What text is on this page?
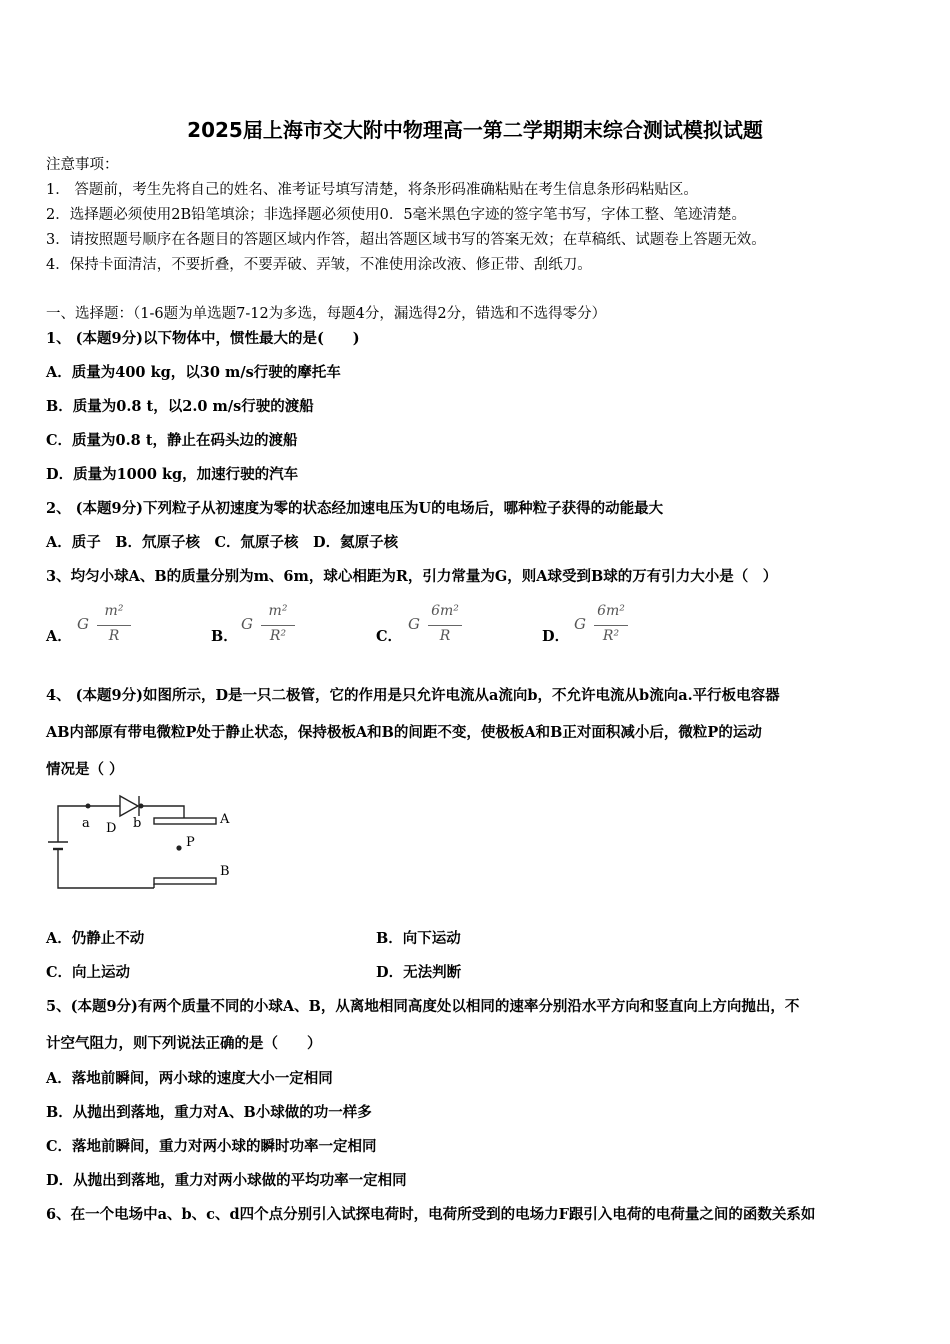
2025届上海市交大附中物理高一第二学期期末综合测试模拟试题
注意事项：
1． 答题前，考生先将自己的姓名、准考证号填写清楚，将条形码准确粘贴在考生信息条形码粘贴区。
2．选择题必须使用2B铅笔填涂；非选择题必须使用0．5毫米黑色字迹的签字笔书写，字体工整、笔迹清楚。
3．请按照题号顺序在各题目的答题区域内作答，超出答题区域书写的答案无效；在草稿纸、试题卷上答题无效。
4．保持卡面清洁，不要折叠，不要弄破、弄皱，不准使用涂改液、修正带、刮纸刀。
一、选择题：（1-6题为单选题7-12为多选，每题4分，漏选得2分，错选和不选得零分）
1、 (本题9分)以下物体中，惯性最大的是(　　)
A．质量为400 kg，以30 m/s行驶的摩托车
B．质量为0.8 t，以2.0 m/s行驶的渡船
C．质量为0.8 t，静止在码头边的渡船
D．质量为1000 kg，加速行驶的汽车
2、 (本题9分)下列粒子从初速度为零的状态经加速电压为U的电场后，哪种粒子获得的动能最大
A．质子　B．氘原子核　C．氚原子核　D．氦原子核
3、均匀小球A、B的质量分别为m、6m，球心相距为R，引力常量为G，则A球受到B球的万有引力大小是（　）
A．
G
m²
R	B．
G
m²
R²	C．
G
6m²
R	D．
G
6m²
R²
4、 (本题9分)如图所示，D是一只二极管，它的作用是只允许电流从a流向b，不允许电流从b流向a.平行板电容器
AB内部原有带电微粒P处于静止状态，保持极板A和B的间距不变，使极板A和B正对面积减小后，微粒P的运动
情况是（ ）
a D b	A
P
B
A．仍静止不动	B．向下运动
C．向上运动	D．无法判断
5、(本题9分)有两个质量不同的小球A、B，从离地相同高度处以相同的速率分别沿水平方向和竖直向上方向抛出，不
计空气阻力，则下列说法正确的是（　　）
A．落地前瞬间，两小球的速度大小一定相同
B．从抛出到落地，重力对A、B小球做的功一样多
C．落地前瞬间，重力对两小球的瞬时功率一定相同
D．从抛出到落地，重力对两小球做的平均功率一定相同
6、在一个电场中a、b、c、d四个点分别引入试探电荷时，电荷所受到的电场力F跟引入电荷的电荷量之间的函数关系如
